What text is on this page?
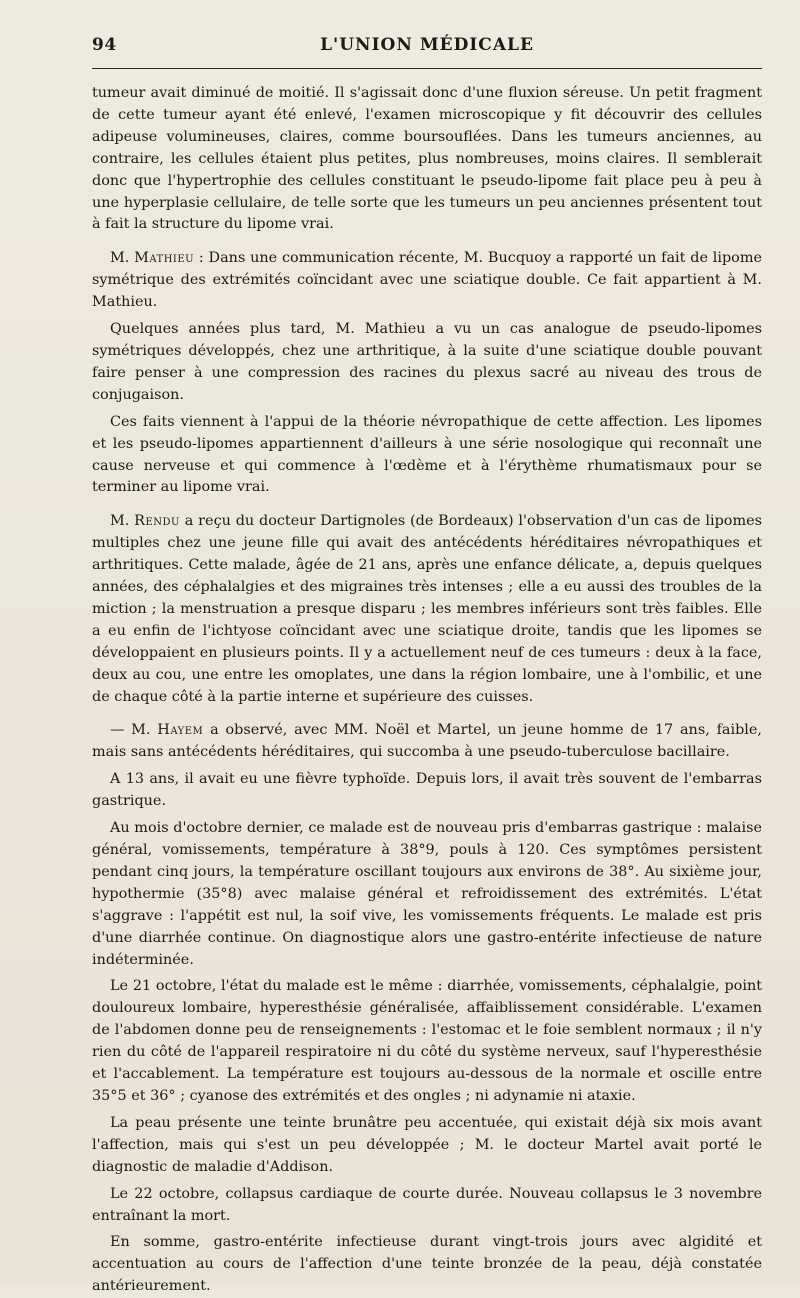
94	L'UNION MÉDICALE

tumeur avait diminué de moitié. Il s'agissait donc d'une fluxion séreuse. Un petit fragment de cette tumeur ayant été enlevé, l'examen microscopique y fit découvrir des cellules adipeuse volumineuses, claires, comme boursouflées. Dans les tumeurs anciennes, au contraire, les cellules étaient plus petites, plus nombreuses, moins claires. Il semblerait donc que l'hypertrophie des cellules constituant le pseudo-lipome fait place peu à peu à une hyperplasie cellulaire, de telle sorte que les tumeurs un peu anciennes présentent tout à fait la structure du lipome vrai.

M. Mathieu : Dans une communication récente, M. Bucquoy a rapporté un fait de lipome symétrique des extrémités coïncidant avec une sciatique double. Ce fait appartient à M. Mathieu.

Quelques années plus tard, M. Mathieu a vu un cas analogue de pseudo-lipomes symétriques développés, chez une arthritique, à la suite d'une sciatique double pouvant faire penser à une compression des racines du plexus sacré au niveau des trous de conjugaison.

Ces faits viennent à l'appui de la théorie névropathique de cette affection. Les lipomes et les pseudo-lipomes appartiennent d'ailleurs à une série nosologique qui reconnaît une cause nerveuse et qui commence à l'œdème et à l'érythème rhumatismaux pour se terminer au lipome vrai.

M. Rendu a reçu du docteur Dartignoles (de Bordeaux) l'observation d'un cas de lipomes multiples chez une jeune fille qui avait des antécédents héréditaires névropathiques et arthritiques. Cette malade, âgée de 21 ans, après une enfance délicate, a, depuis quelques années, des céphalalgies et des migraines très intenses ; elle a eu aussi des troubles de la miction ; la menstruation a presque disparu ; les membres inférieurs sont très faibles. Elle a eu enfin de l'ichtyose coïncidant avec une sciatique droite, tandis que les lipomes se développaient en plusieurs points. Il y a actuellement neuf de ces tumeurs : deux à la face, deux au cou, une entre les omoplates, une dans la région lombaire, une à l'ombilic, et une de chaque côté à la partie interne et supérieure des cuisses.

— M. Hayem a observé, avec MM. Noël et Martel, un jeune homme de 17 ans, faible, mais sans antécédents héréditaires, qui succomba à une pseudo-tuberculose bacillaire.

A 13 ans, il avait eu une fièvre typhoïde. Depuis lors, il avait très souvent de l'embarras gastrique.

Au mois d'octobre dernier, ce malade est de nouveau pris d'embarras gastrique : malaise général, vomissements, température à 38°9, pouls à 120. Ces symptômes persistent pendant cinq jours, la température oscillant toujours aux environs de 38°. Au sixième jour, hypothermie (35°8) avec malaise général et refroidissement des extrémités. L'état s'aggrave : l'appétit est nul, la soif vive, les vomissements fréquents. Le malade est pris d'une diarrhée continue. On diagnostique alors une gastro-entérite infectieuse de nature indéterminée.

Le 21 octobre, l'état du malade est le même : diarrhée, vomissements, céphalalgie, point douloureux lombaire, hyperesthésie généralisée, affaiblissement considérable. L'examen de l'abdomen donne peu de renseignements : l'estomac et le foie semblent normaux ; il n'y rien du côté de l'appareil respiratoire ni du côté du système nerveux, sauf l'hyperesthésie et l'accablement. La température est toujours au-dessous de la normale et oscille entre 35°5 et 36° ; cyanose des extrémités et des ongles ; ni adynamie ni ataxie.

La peau présente une teinte brunâtre peu accentuée, qui existait déjà six mois avant l'affection, mais qui s'est un peu développée ; M. le docteur Martel avait porté le diagnostic de maladie d'Addison.

Le 22 octobre, collapsus cardiaque de courte durée. Nouveau collapsus le 3 novembre entraînant la mort.

En somme, gastro-entérite infectieuse durant vingt-trois jours avec algidité et accentuation au cours de l'affection d'une teinte bronzée de la peau, déjà constatée antérieurement.
